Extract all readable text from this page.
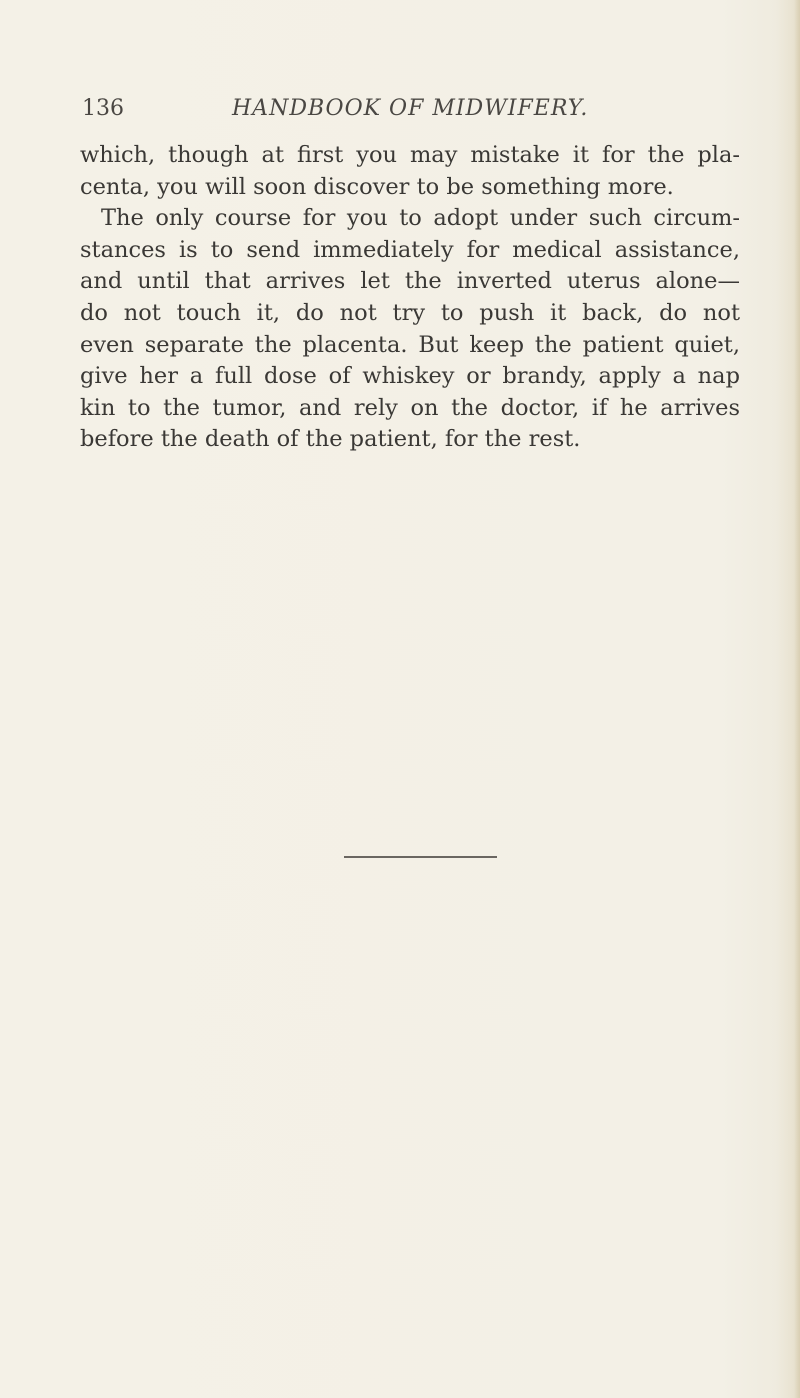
136	HANDBOOK OF MIDWIFERY.
which, though at first you may mistake it for the pla-
centa, you will soon discover to be something more.
The only course for you to adopt under such circum-
stances is to send immediately for medical assistance,
and until that arrives let the inverted uterus alone—
do not touch it, do not try to push it back, do not
even separate the placenta. But keep the patient quiet,
give her a full dose of whiskey or brandy, apply a nap
kin to the tumor, and rely on the doctor, if he arrives
before the death of the patient, for the rest.
